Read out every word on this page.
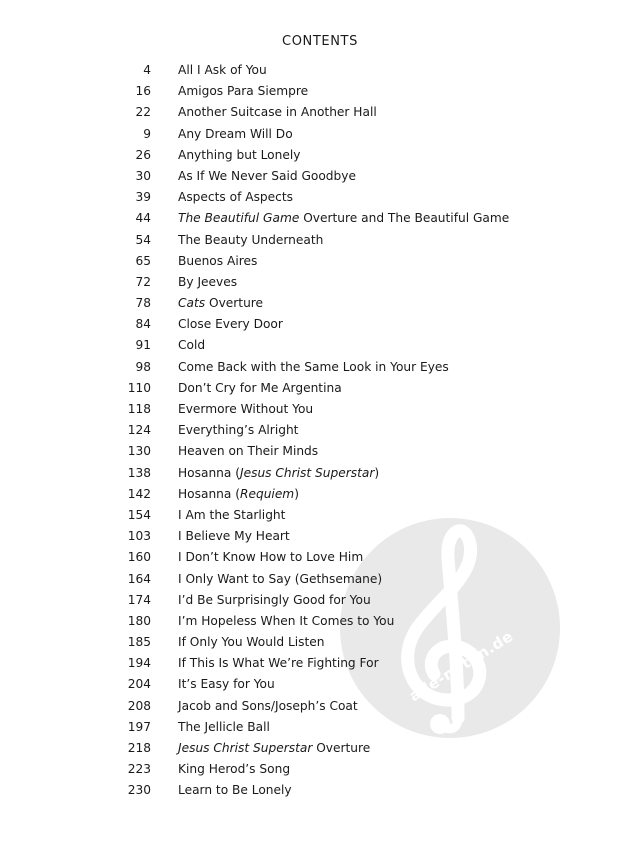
alle-noten.de
CONTENTS
4 All I Ask of You
16 Amigos Para Siempre
22 Another Suitcase in Another Hall
9 Any Dream Will Do
26 Anything but Lonely
30 As If We Never Said Goodbye
39 Aspects of Aspects
44 The Beautiful Game Overture and The Beautiful Game
54 The Beauty Underneath
65 Buenos Aires
72 By Jeeves
78 Cats Overture
84 Close Every Door
91 Cold
98 Come Back with the Same Look in Your Eyes
110 Don’t Cry for Me Argentina
118 Evermore Without You
124 Everything’s Alright
130 Heaven on Their Minds
138 Hosanna (Jesus Christ Superstar)
142 Hosanna (Requiem)
154 I Am the Starlight
103 I Believe My Heart
160 I Don’t Know How to Love Him
164 I Only Want to Say (Gethsemane)
174 I’d Be Surprisingly Good for You
180 I’m Hopeless When It Comes to You
185 If Only You Would Listen
194 If This Is What We’re Fighting For
204 It’s Easy for You
208 Jacob and Sons/Joseph’s Coat
197 The Jellicle Ball
218 Jesus Christ Superstar Overture
223 King Herod’s Song
230 Learn to Be Lonely
